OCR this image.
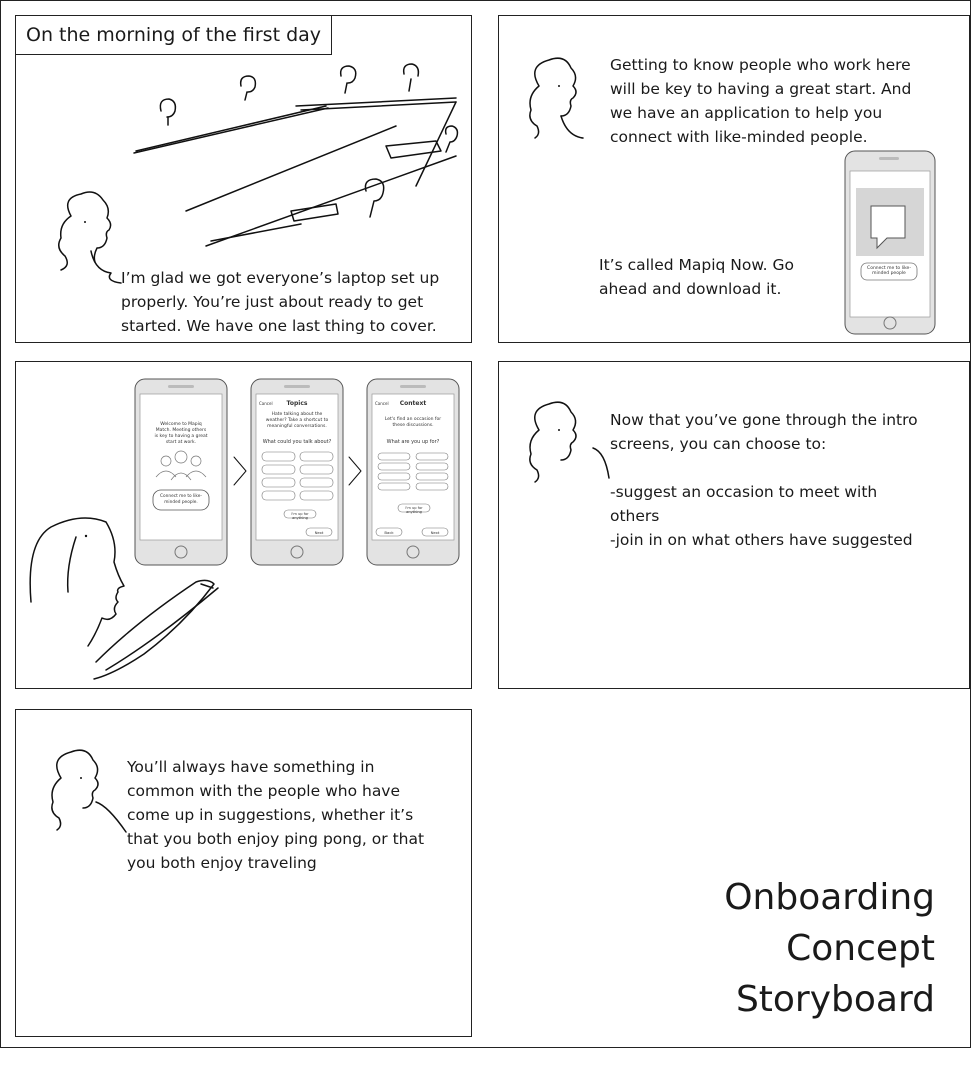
On the morning of the first day
I’m glad we got everyone’s laptop set up properly. You’re just about ready to get started. We have one last thing to cover.
Getting to know people who work here will be key to having a great start. And we have an application to help you connect with like-minded people.
It’s called Mapiq Now. Go ahead and download it.
Connect me to like-minded people
Welcome to Mapiq Match. Meeting others is key to having a great start at work.
Connect me to like-minded people.
Cancel	Topics
Hate talking about the weather? Take a shortcut to meaningful conversations.
What could you talk about?
I'm up for anything
Next
Cancel	Context
Let's find an occasion for these discussions.
What are you up for?
I'm up for anything
Back	Next
Now that you’ve gone through the intro screens, you can choose to:
-suggest an occasion to meet with others
-join in on what others have suggested
You’ll always have something in common with the people who have come up in suggestions, whether it’s that you both enjoy ping pong, or that you both enjoy traveling
Onboarding
Concept
Storyboard
